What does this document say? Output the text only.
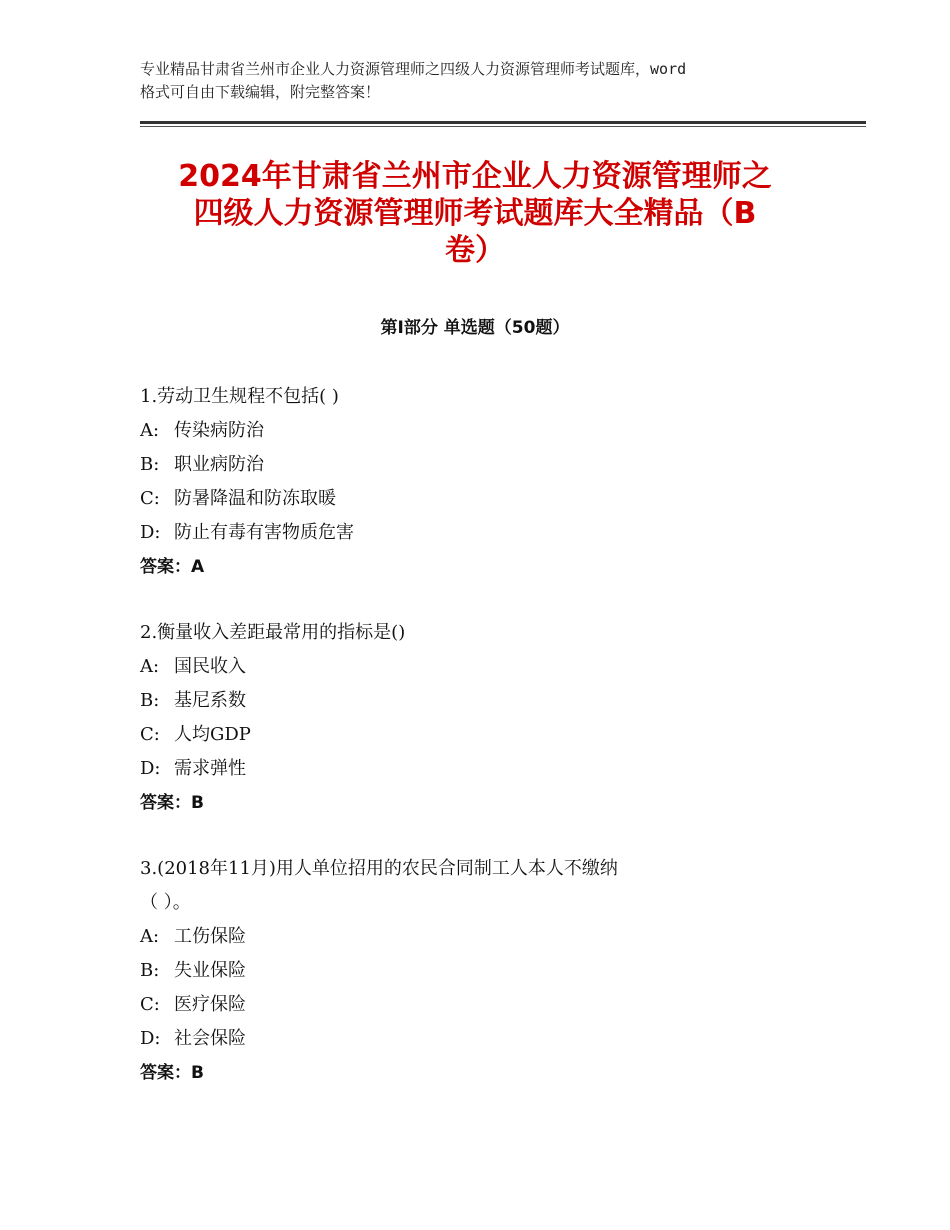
专业精品甘肃省兰州市企业人力资源管理师之四级人力资源管理师考试题库，word
格式可自由下载编辑，附完整答案！
2024年甘肃省兰州市企业人力资源管理师之
四级人力资源管理师考试题库大全精品（B
卷）
第Ⅰ部分 单选题（50题）
1.劳动卫生规程不包括( )
A: 传染病防治
B: 职业病防治
C: 防暑降温和防冻取暖
D: 防止有毒有害物质危害
答案：A
2.衡量收入差距最常用的指标是()
A: 国民收入
B: 基尼系数
C: 人均GDP
D: 需求弹性
答案：B
3.(2018年11月)用人单位招用的农民合同制工人本人不缴纳
（ ）。
A: 工伤保险
B: 失业保险
C: 医疗保险
D: 社会保险
答案：B
